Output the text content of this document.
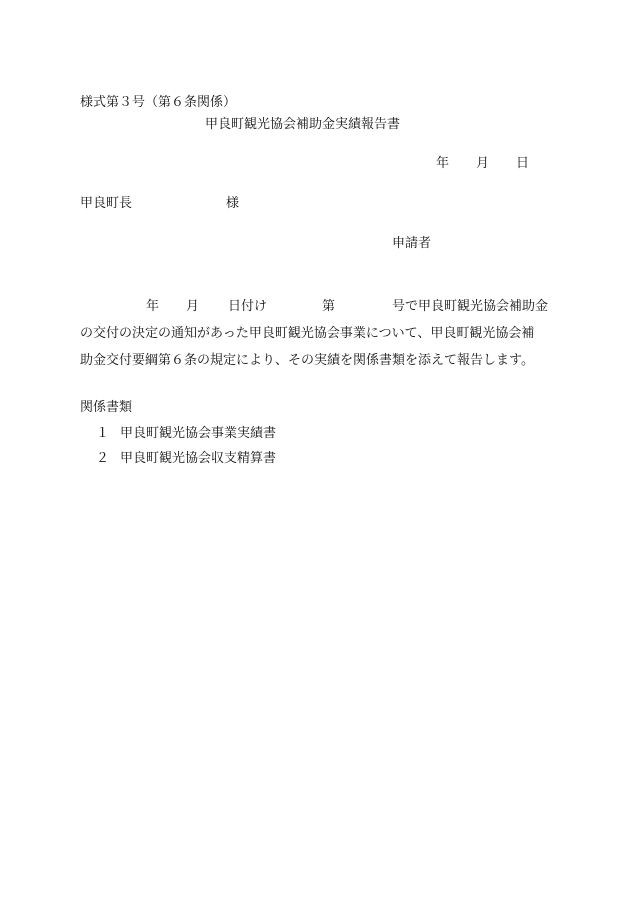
様式第３号（第６条関係）
甲良町観光協会補助金実績報告書
年 月 日
甲良町長	様
申請者
年 月 日付け	第	号で甲良町観光協会補助金
の交付の決定の通知があった甲良町観光協会事業について、甲良町観光協会補
助金交付要綱第６条の規定により、その実績を関係書類を添えて報告します。
関係書類
１ 甲良町観光協会事業実績書
２ 甲良町観光協会収支精算書
